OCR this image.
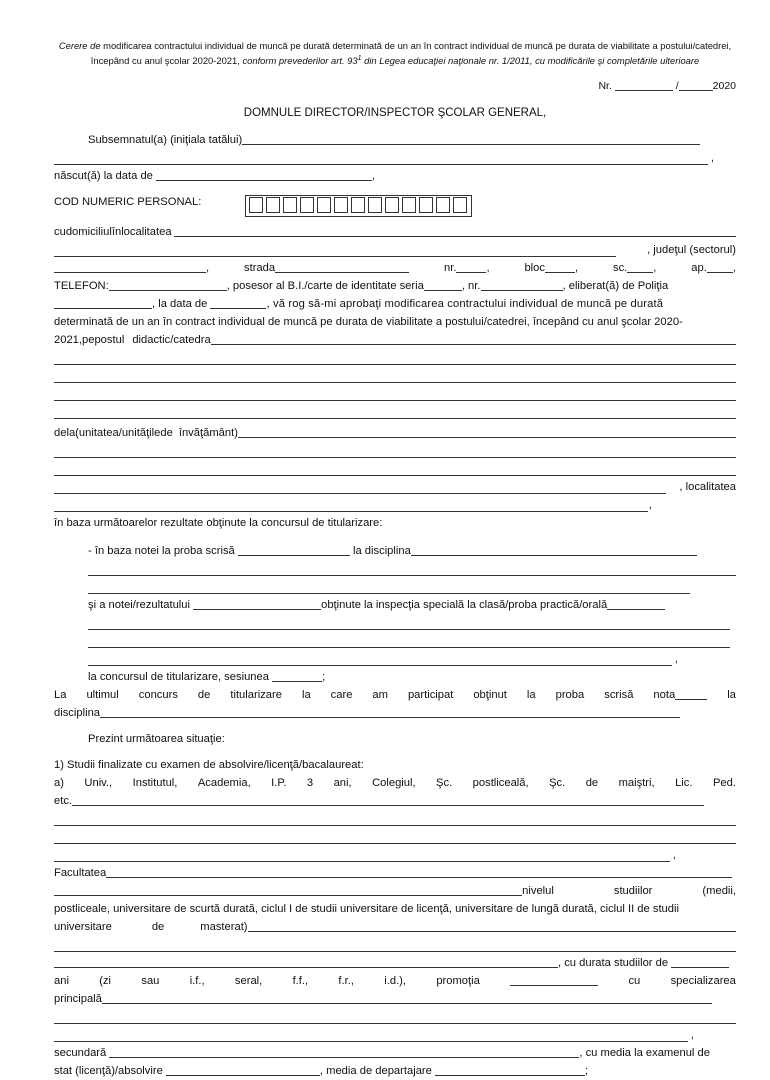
Cerere de modificarea contractului individual de muncă pe durată determinată de un an în contract individual de muncă pe durata de viabilitate a postului/catedrei, începând cu anul şcolar 2020-2021, conform prevederilor art. $93^1$ din Legea educaţiei naţionale nr. 1/2011, cu modificările şi completările ulterioare
Nr.	/	2020
DOMNULE DIRECTOR/INSPECTOR ŞCOLAR GENERAL,
Subsemnatul(a) (iniţiala tatălui)
,
născut(ă) la data de	,
COD NUMERIC PERSONAL:
cu domiciliul în localitatea
, judeţul (sectorul)
,	strada	nr.	,	bloc	,	sc. ,	ap. ,
TELEFON:	, posesor al B.I./carte de identitate seria	, nr.	, eliberat(ă) de Poliţia
, la data de	, vă rog să-mi aprobaţi modificarea contractului individual de muncă pe durată
determinată de un an în contract individual de muncă pe durata de viabilitate a postului/catedrei, începând cu anul şcolar 2020-
2021, pe postul didactic/catedra
de la (unitatea/unităţile de învăţământ)
, localitatea
,
în baza următoarelor rezultate obţinute la concursul de titularizare:
- în baza notei la proba scrisă	la disciplina
şi a notei/rezultatului	obţinute la inspecţia specială la clasă/proba practică/orală
,
la concursul de titularizare, sesiunea	;
La ultimul concurs de titularizare la care am participat obţinut la proba scrisă nota	la
disciplina
Prezint următoarea situaţie:
1) Studii finalizate cu examen de absolvire/licenţă/bacalaureat:
a) Univ., Institutul, Academia, I.P. 3 ani, Colegiul, Şc. postliceală, Şc. de maiştri, Lic. Ped.
etc.
,
Facultatea
nivelul	studiilor	(medii,
postliceale, universitare de scurtă durată, ciclul I de studii universitare de licenţă, universitare de lungă durată, ciclul II de studii
universitare	de	masterat)
, cu durata studiilor de
ani	(zi	sau	i.f.,	seral,	f.f.,	f.r.,	i.d.),	promoţia	cu	specializarea
principală
,
secundară	, cu media la examenul de
stat (licenţă)/absolvire	, media de departajare	;
